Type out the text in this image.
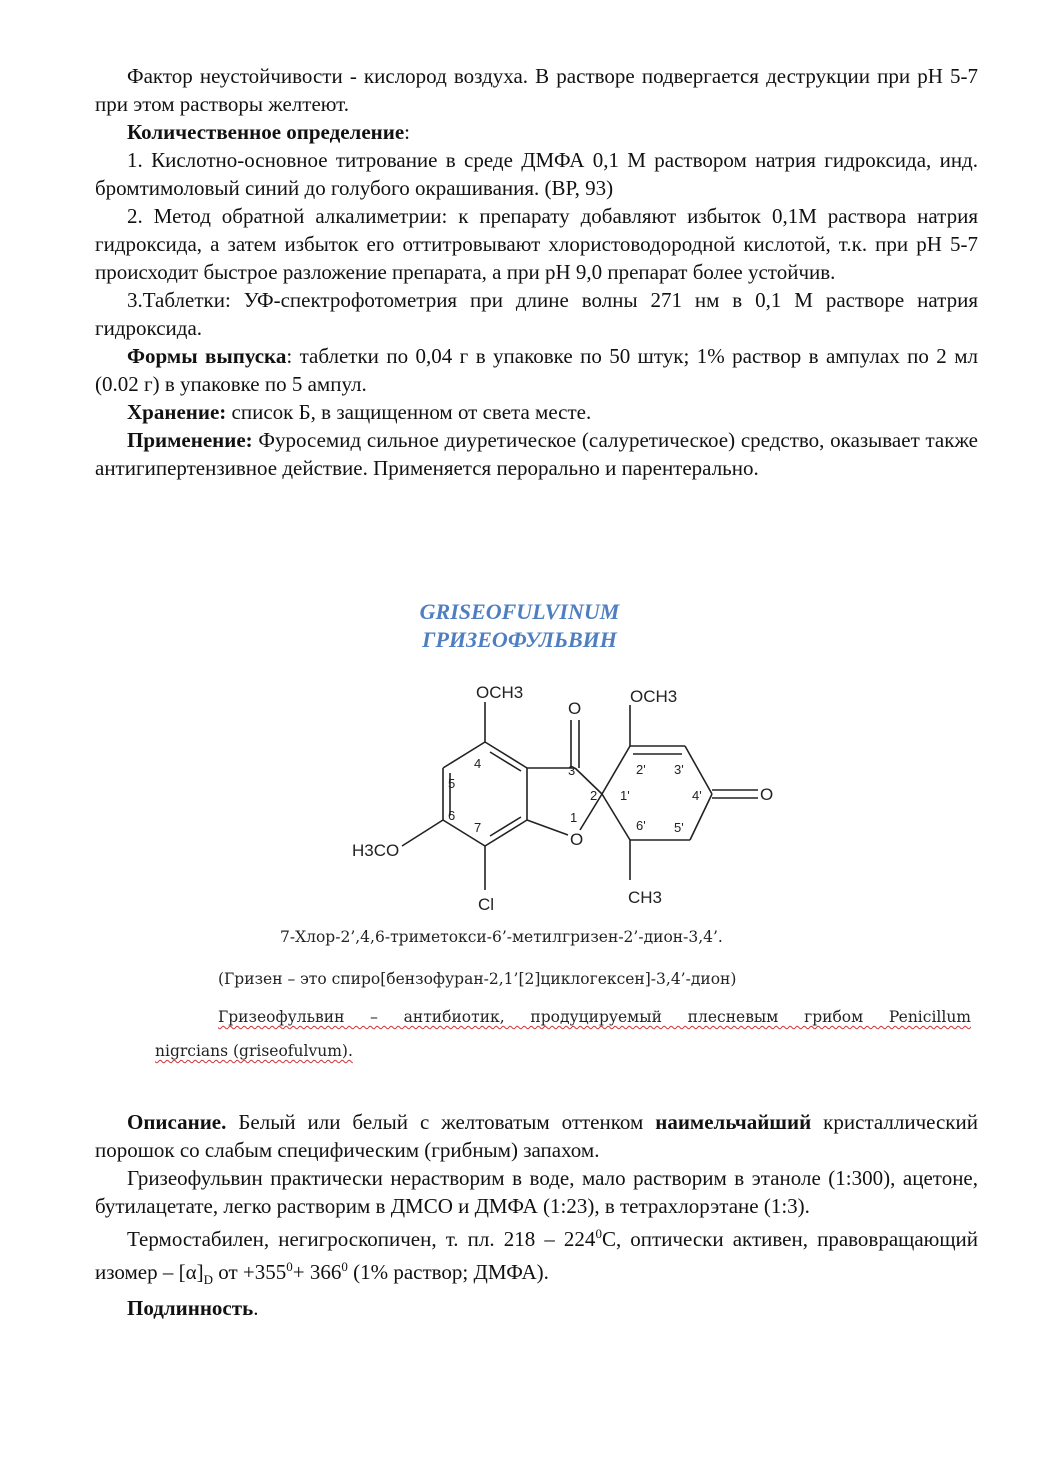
Фактор неустойчивости - кислород воздуха. В растворе подвергается деструкции при рН 5-7 при этом растворы желтеют.

Количественное определение:

1. Кислотно-основное титрование в среде ДМФА 0,1 М раствором натрия гидроксида, инд. бромтимоловый синий до голубого окрашивания. (ВР, 93)

2. Метод обратной алкалиметрии: к препарату добавляют избыток 0,1М раствора натрия гидроксида, а затем избыток его оттитровывают хлористоводородной кислотой, т.к. при рН 5-7 происходит быстрое разложение препарата, а при рН 9,0 препарат более устойчив.

3.Таблетки: УФ-спектрофотометрия при длине волны 271 нм в 0,1 М растворе натрия гидроксида.

Формы выпуска: таблетки по 0,04 г в упаковке по 50 штук; 1% раствор в ампулах по 2 мл (0.02 г) в упаковке по 5 ампул.

Хранение: список Б, в защищенном от света месте.

Применение: Фуросемид сильное диуретическое (салуретическое) средство, оказывает также антигипертензивное действие. Применяется перорально и парентерально.

GRISEOFULVINUM
ГРИЗЕОФУЛЬВИН
OCH3	OCH3
H3CO
O
O
O
Cl	CH3
1
2
3
4
5
6
7
1'
2' 3'
4'
5'
6'
7-Хлор-2’,4,6-триметокси-6’-метилгризен-2’-дион-3,4’.
(Гризен – это спиро[бензофуран-2,1’[2]циклогексен]-3,4’-дион)
Гризеофульвин – антибиотик, продуцируемый плесневым грибом Penicillum
nigrcians (griseofulvum).

Описание. Белый или белый с желтоватым оттенком наимельчайший кристаллический порошок со слабым специфическим (грибным) запахом.

Гризеофульвин практически нерастворим в воде, мало растворим в этаноле (1:300), ацетоне, бутилацетате, легко растворим в ДМСО и ДМФА (1:23), в тетрахлорэтане (1:3).

Термостабилен, негигроскопичен, т. пл. $218 - 224^0С$, оптически активен, правовращающий изомер – $[\alpha]_D$ от $+355^0+ 366^0$ (1% раствор; ДМФА).

Подлинность.
